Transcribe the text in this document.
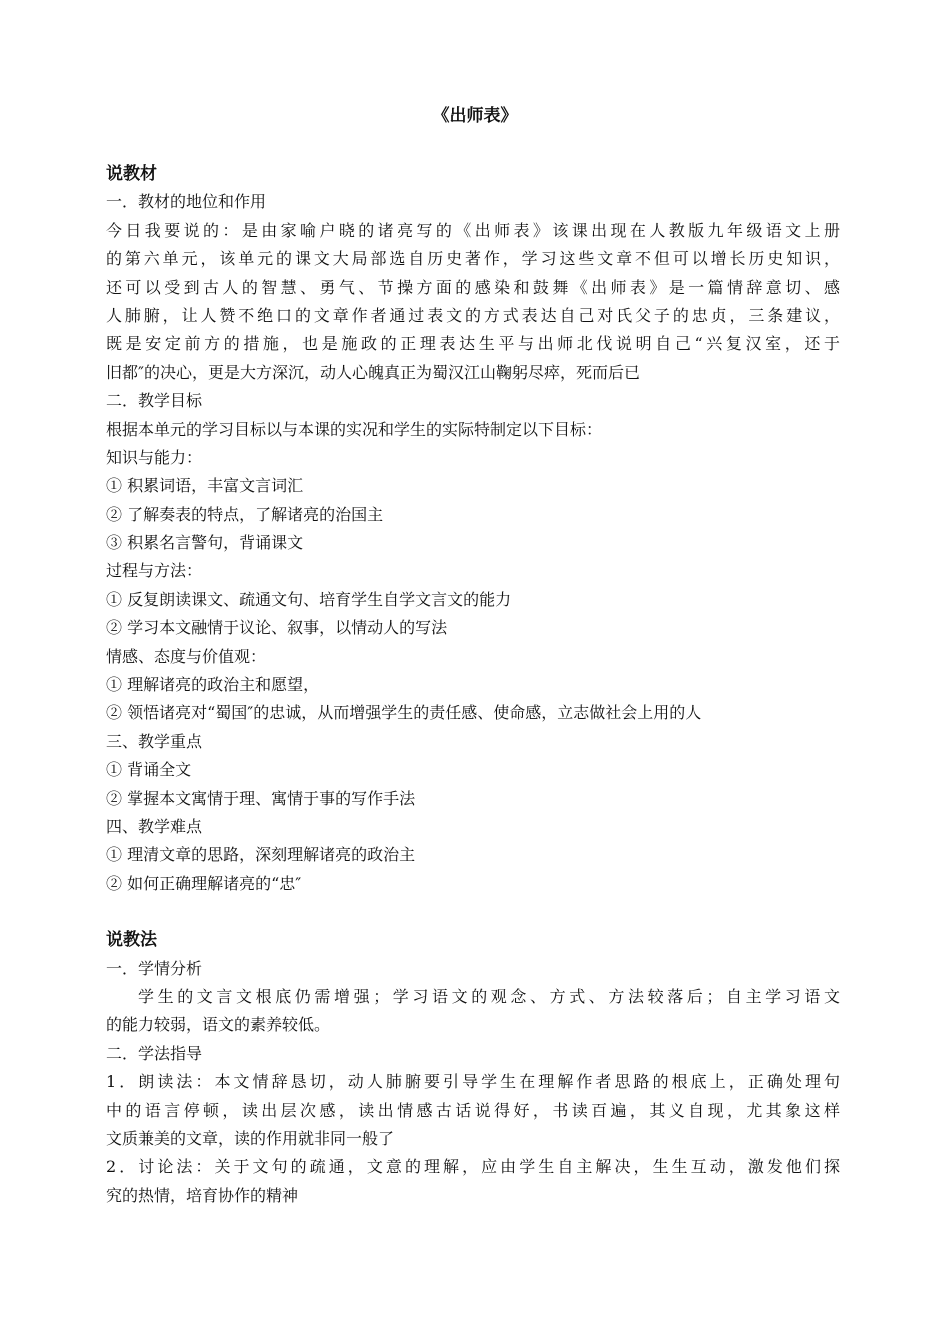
《出师表》
说教材
一．教材的地位和作用
今日我要说的：是由家喻户晓的诸亮写的《出师表》该课出现在人教版九年级语文上册
的第六单元，该单元的课文大局部选自历史著作，学习这些文章不但可以增长历史知识，
还可以受到古人的智慧、勇气、节操方面的感染和鼓舞《出师表》是一篇情辞意切、感
人肺腑，让人赞不绝口的文章作者通过表文的方式表达自己对氏父子的忠贞，三条建议，
既是安定前方的措施，也是施政的正理表达生平与出师北伐说明自己“兴复汉室，还于
旧都″的决心，更是大方深沉，动人心魄真正为蜀汉江山鞠躬尽瘁，死而后已
二．教学目标
根据本单元的学习目标以与本课的实况和学生的实际特制定以下目标：
知识与能力：
① 积累词语，丰富文言词汇
② 了解奏表的特点，了解诸亮的治国主
③ 积累名言警句，背诵课文
过程与方法：
① 反复朗读课文、疏通文句、培育学生自学文言文的能力
② 学习本文融情于议论、叙事，以情动人的写法
情感、态度与价值观：
① 理解诸亮的政治主和愿望，
② 领悟诸亮对“蜀国″的忠诚，从而增强学生的责任感、使命感，立志做社会上用的人
三、教学重点
① 背诵全文
② 掌握本文寓情于理、寓情于事的写作手法
四、教学难点
① 理清文章的思路，深刻理解诸亮的政治主
② 如何正确理解诸亮的“忠″
说教法
一．学情分析
学生的文言文根底仍需增强；学习语文的观念、方式、方法较落后；自主学习语文
的能力较弱，语文的素养较低。
二．学法指导
1．朗读法：本文情辞恳切，动人肺腑要引导学生在理解作者思路的根底上，正确处理句
中的语言停顿，读出层次感，读出情感古话说得好，书读百遍，其义自现，尤其象这样
文质兼美的文章，读的作用就非同一般了
2．讨论法：关于文句的疏通，文意的理解，应由学生自主解决，生生互动，激发他们探
究的热情，培育协作的精神
